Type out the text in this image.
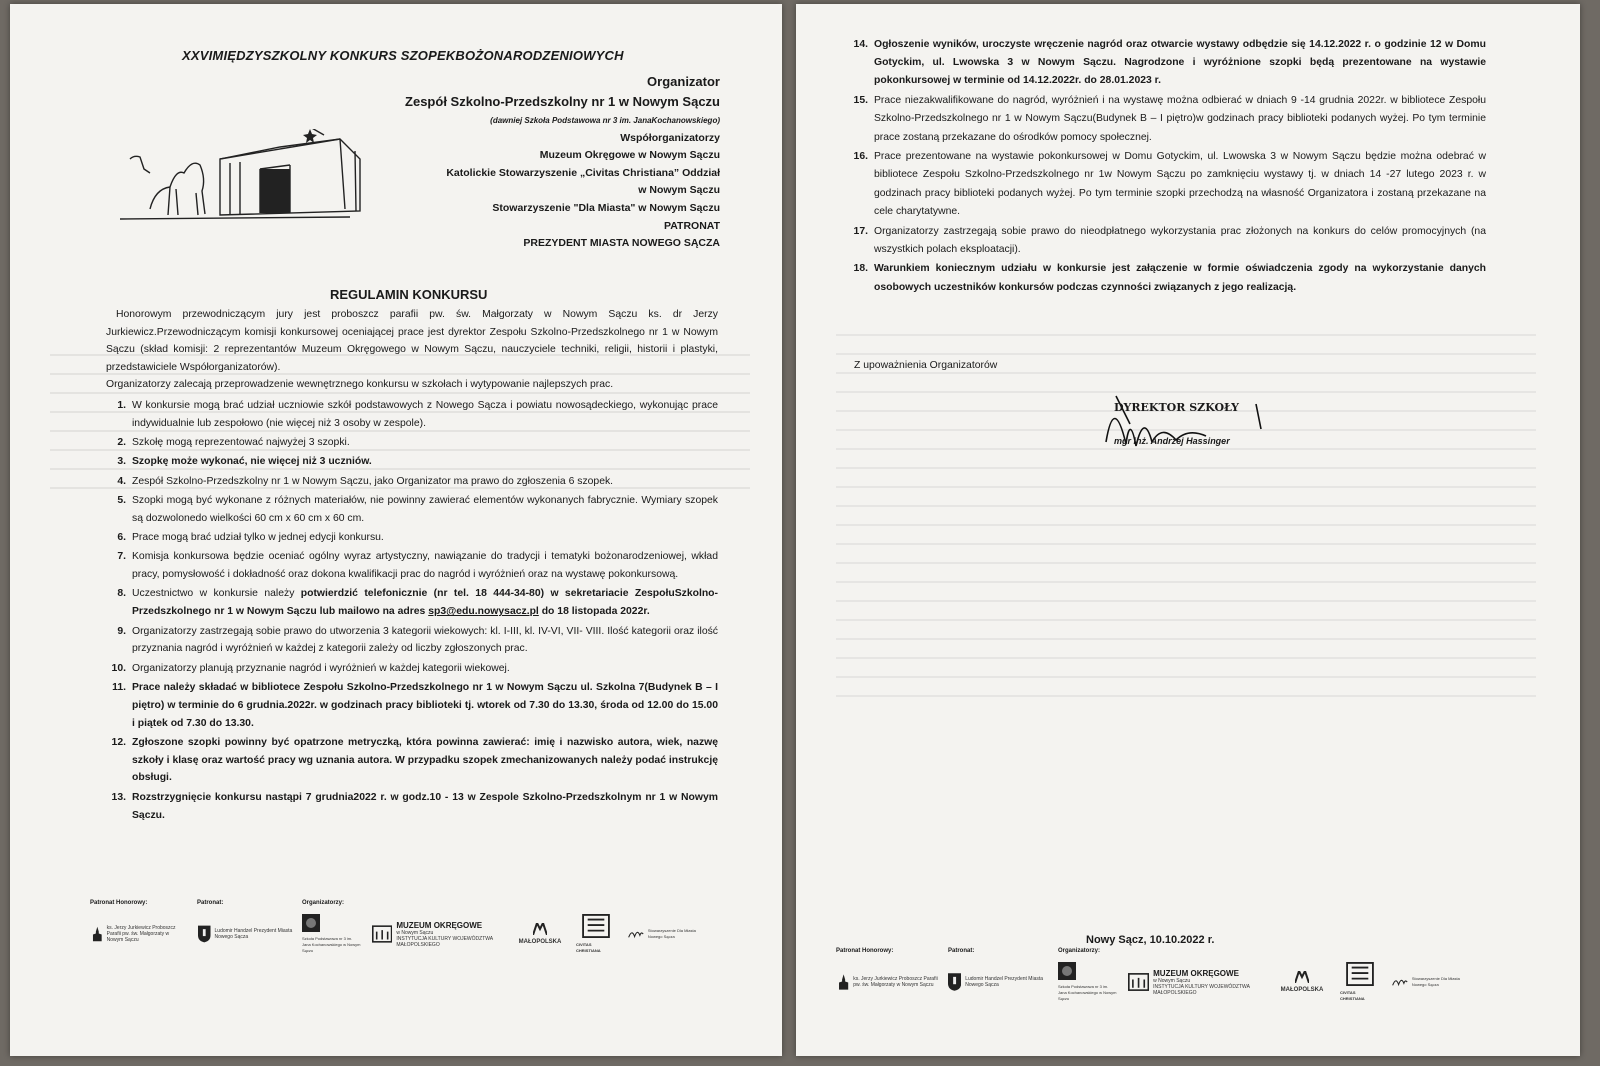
XXVIMIĘDZYSZKOLNY KONKURS SZOPEKBOŻONARODZENIOWYCH
Organizator
Zespół Szkolno-Przedszkolny nr 1 w Nowym Sączu
(dawniej Szkoła Podstawowa nr 3 im. JanaKochanowskiego)
Współorganizatorzy
Muzeum Okręgowe w Nowym Sączu
Katolickie Stowarzyszenie „Civitas Christiana” Oddział
w Nowym Sączu
Stowarzyszenie "Dla Miasta" w Nowym Sączu
PATRONAT
PREZYDENT MIASTA NOWEGO SĄCZA
REGULAMIN KONKURSU

Honorowym przewodniczącym jury jest proboszcz parafii pw. św. Małgorzaty w Nowym Sączu ks. dr Jerzy Jurkiewicz.Przewodniczącym komisji konkursowej oceniającej prace jest dyrektor Zespołu Szkolno-Przedszkolnego nr 1 w Nowym Sączu (skład komisji: 2 reprezentantów Muzeum Okręgowego w Nowym Sączu, nauczyciele techniki, religii, historii i plastyki, przedstawiciele Współorganizatorów).

Organizatorzy zalecają przeprowadzenie wewnętrznego konkursu w szkołach i wytypowanie najlepszych prac.

1. W konkursie mogą brać udział uczniowie szkół podstawowych z Nowego Sącza i powiatu nowosądeckiego, wykonując prace indywidualnie lub zespołowo (nie więcej niż 3 osoby w zespole).
2. Szkołę mogą reprezentować najwyżej 3 szopki.
3. Szopkę może wykonać, nie więcej niż 3 uczniów.
4. Zespół Szkolno-Przedszkolny nr 1 w Nowym Sączu, jako Organizator ma prawo do zgłoszenia 6 szopek.
5. Szopki mogą być wykonane z różnych materiałów, nie powinny zawierać elementów wykonanych fabrycznie. Wymiary szopek są dozwolonedo wielkości 60 cm x 60 cm x 60 cm.
6. Prace mogą brać udział tylko w jednej edycji konkursu.
7. Komisja konkursowa będzie oceniać ogólny wyraz artystyczny, nawiązanie do tradycji i tematyki bożonarodzeniowej, wkład pracy, pomysłowość i dokładność oraz dokona kwalifikacji prac do nagród i wyróżnień oraz na wystawę pokonkursową.
8. Uczestnictwo w konkursie należy potwierdzić telefonicznie (nr tel. 18 444-34-80) w sekretariacie ZespołuSzkolno-Przedszkolnego nr 1 w Nowym Sączu lub mailowo na adres sp3@edu.nowysacz.pl do 18 listopada 2022r.
9. Organizatorzy zastrzegają sobie prawo do utworzenia 3 kategorii wiekowych: kl. I-III, kl. IV-VI, VII- VIII. Ilość kategorii oraz ilość przyznania nagród i wyróżnień w każdej z kategorii zależy od liczby zgłoszonych prac.
10. Organizatorzy planują przyznanie nagród i wyróżnień w każdej kategorii wiekowej.
11. Prace należy składać w bibliotece Zespołu Szkolno-Przedszkolnego nr 1 w Nowym Sączu ul. Szkolna 7(Budynek B – I piętro) w terminie do 6 grudnia.2022r. w godzinach pracy biblioteki tj. wtorek od 7.30 do 13.30, środa od 12.00 do 15.00 i piątek od 7.30 do 13.30.
12. Zgłoszone szopki powinny być opatrzone metryczką, która powinna zawierać: imię i nazwisko autora, wiek, nazwę szkoły i klasę oraz wartość pracy wg uznania autora. W przypadku szopek zmechanizowanych należy podać instrukcję obsługi.
13. Rozstrzygnięcie konkursu nastąpi 7 grudnia2022 r. w godz.10 - 13 w Zespole Szkolno-Przedszkolnym nr 1 w Nowym Sączu.
Patronat Honorowy:	Patronat:	Organizatorzy:
ks. Jerzy Jurkiewicz Proboszcz Parafii pw. św. Małgorzaty w Nowym Sączu
Ludomir Handzel Prezydent Miasta Nowego Sącza	Szkoła Podstawowa nr 3 im. Jana Kochanowskiego w Nowym Sączu
MUZEUM OKRĘGOWE
w Nowym Sączu
INSTYTUCJA KULTURY WOJEWÓDZTWA MAŁOPOLSKIEGO	MAŁOPOLSKA	CIVITAS CHRISTIANA
Stowarzyszenie Dla Miasta Nowego Sącza
14. Ogłoszenie wyników, uroczyste wręczenie nagród oraz otwarcie wystawy odbędzie się 14.12.2022 r. o godzinie 12 w Domu Gotyckim, ul. Lwowska 3 w Nowym Sączu. Nagrodzone i wyróżnione szopki będą prezentowane na wystawie pokonkursowej w terminie od 14.12.2022r. do 28.01.2023 r.
15. Prace niezakwalifikowane do nagród, wyróżnień i na wystawę można odbierać w dniach 9 -14 grudnia 2022r. w bibliotece Zespołu Szkolno-Przedszkolnego nr 1 w Nowym Sączu(Budynek B – I piętro)w godzinach pracy biblioteki podanych wyżej. Po tym terminie prace zostaną przekazane do ośrodków pomocy społecznej.
16. Prace prezentowane na wystawie pokonkursowej w Domu Gotyckim, ul. Lwowska 3 w Nowym Sączu będzie można odebrać w bibliotece Zespołu Szkolno-Przedszkolnego nr 1w Nowym Sączu po zamknięciu wystawy tj. w dniach 14 -27 lutego 2023 r. w godzinach pracy biblioteki podanych wyżej. Po tym terminie szopki przechodzą na własność Organizatora i zostaną przekazane na cele charytatywne.
17. Organizatorzy zastrzegają sobie prawo do nieodpłatnego wykorzystania prac złożonych na konkurs do celów promocyjnych (na wszystkich polach eksploatacji).
18. Warunkiem koniecznym udziału w konkursie jest załączenie w formie oświadczenia zgody na wykorzystanie danych osobowych uczestników konkursów podczas czynności związanych z jego realizacją.
Z upoważnienia Organizatorów
DYREKTOR SZKOŁY
mgr inż. Andrzej Hassinger
Nowy Sącz, 10.10.2022 r.
Patronat Honorowy:	Patronat:	Organizatorzy:
ks. Jerzy Jurkiewicz Proboszcz Parafii pw. św. Małgorzaty w Nowym Sączu
Ludomir Handzel Prezydent Miasta Nowego Sącza	Szkoła Podstawowa nr 3 im. Jana Kochanowskiego w Nowym Sączu
MUZEUM OKRĘGOWE
w Nowym Sączu
INSTYTUCJA KULTURY WOJEWÓDZTWA MAŁOPOLSKIEGO	MAŁOPOLSKA	CIVITAS CHRISTIANA
Stowarzyszenie Dla Miasta Nowego Sącza
